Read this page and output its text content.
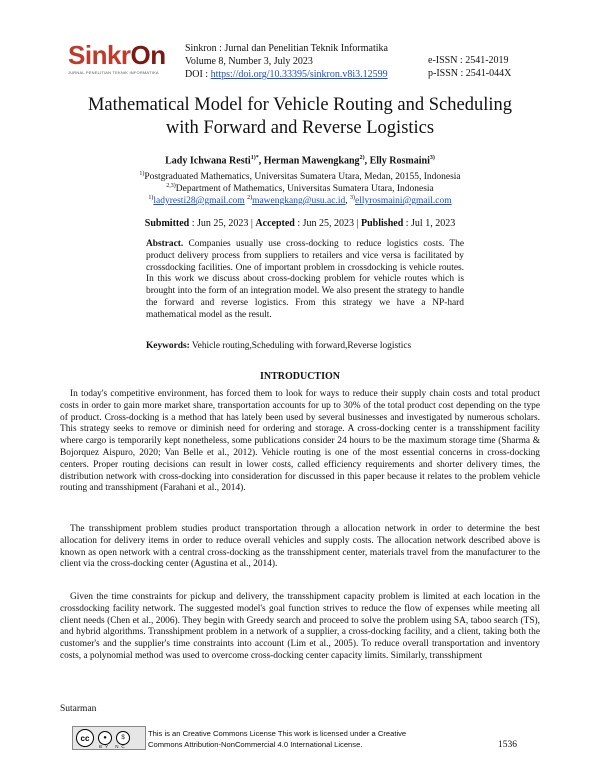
SinkrOn
JURNAL PENELITIAN TEKNIK INFORMATIKA
Sinkron : Jurnal dan Penelitian Teknik Informatika
Volume 8, Number 3, July 2023
DOI : https://doi.org/10.33395/sinkron.v8i3.12599
e-ISSN : 2541-2019
p-ISSN : 2541-044X
Mathematical Model for Vehicle Routing and Scheduling
with Forward and Reverse Logistics
Lady Ichwana Resti$^{1)*}$, Herman Mawengkang$^{2)}$, Elly Rosmaini$^{3)}$
$^{1)}$Postgraduated Mathematics, Universitas Sumatera Utara, Medan, 20155, Indonesia
$^{2,3)}$Department of Mathematics, Universitas Sumatera Utara, Indonesia
$^{1)}$ladyresti28@gmail.com $^{2)}$mawengkang@usu.ac.id, $^{3)}$ellyrosmaini@gmail.com
Submitted : Jun 25, 2023 | Accepted : Jun 25, 2023 | Published : Jul 1, 2023
Abstract. Companies usually use cross-docking to reduce logistics costs. The product delivery process from suppliers to retailers and vice versa is facilitated by crossdocking facilities. One of important problem in crossdocking is vehicle routes. In this work we discuss about cross-docking problem for vehicle routes which is brought into the form of an integration model. We also present the strategy to handle the forward and reverse logistics. From this strategy we have a NP-hard mathematical model as the result.
Keywords: Vehicle routing,Scheduling with forward,Reverse logistics
INTRODUCTION
In today's competitive environment, has forced them to look for ways to reduce their supply chain costs and total product costs in order to gain more market share, transportation accounts for up to 30% of the total product cost depending on the type of product. Cross-docking is a method that has lately been used by several businesses and investigated by numerous scholars. This strategy seeks to remove or diminish need for ordering and storage. A cross-docking center is a transshipment facility where cargo is temporarily kept nonetheless, some publications consider 24 hours to be the maximum storage time (Sharma & Bojorquez Aispuro, 2020; Van Belle et al., 2012). Vehicle routing is one of the most essential concerns in cross-docking centers. Proper routing decisions can result in lower costs, called efficiency requirements and shorter delivery times, the distribution network with cross-docking into consideration for discussed in this paper because it relates to the problem vehicle routing and transshipment (Farahani et al., 2014).
The transshipment problem studies product transportation through a allocation network in order to determine the best allocation for delivery items in order to reduce overall vehicles and supply costs. The allocation network described above is known as open network with a central cross-docking as the transshipment center, materials travel from the manufacturer to the client via the cross-docking center (Agustina et al., 2014).
Given the time constraints for pickup and delivery, the transshipment capacity problem is limited at each location in the crossdocking facility network. The suggested model's goal function strives to reduce the flow of expenses while meeting all client needs (Chen et al., 2006). They begin with Greedy search and proceed to solve the problem using SA, taboo search (TS), and hybrid algorithms. Transshipment problem in a network of a supplier, a cross-docking facility, and a client, taking both the customer's and the supplier's time constraints into account (Lim et al., 2005). To reduce overall transportation and inventory costs, a polynomial method was used to overcome cross-docking center capacity limits. Similarly, transshipment
Sutarman
cc	●	$
BY NC
This is an Creative Commons License This work is licensed under a Creative
Commons Attribution-NonCommercial 4.0 International License.	1536
